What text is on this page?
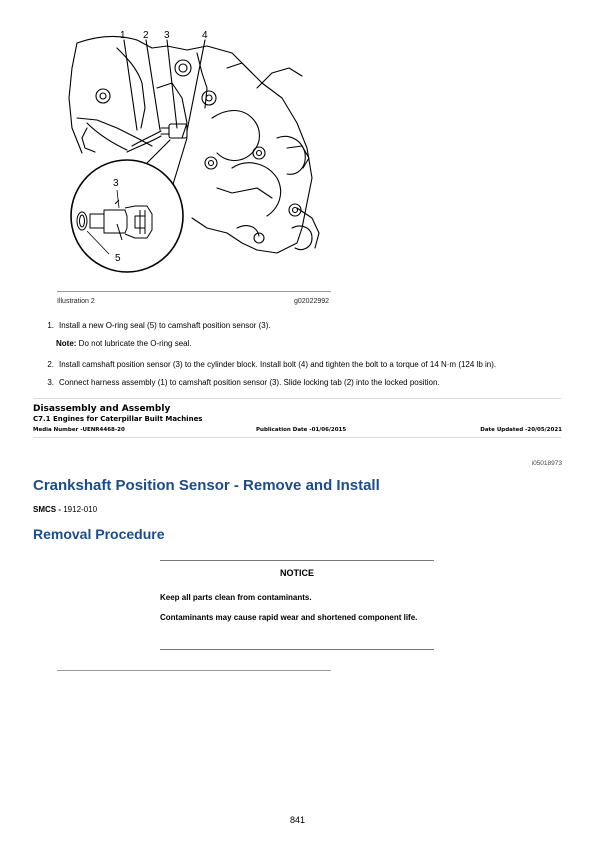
1 2 3	4
3
5
Illustration 2	g02022992
1. Install a new O-ring seal (5) to camshaft position sensor (3).
Note: Do not lubricate the O-ring seal.
2. Install camshaft position sensor (3) to the cylinder block. Install bolt (4) and tighten the bolt to a torque of 14 N·m (124 lb in).
3. Connect harness assembly (1) to camshaft position sensor (3). Slide locking tab (2) into the locked position.
Disassembly and Assembly
C7.1 Engines for Caterpillar Built Machines
Media Number -UENR4468-20	Publication Date -01/06/2015	Date Updated -20/05/2021
i05018973
Crankshaft Position Sensor - Remove and Install
SMCS - 1912-010
Removal Procedure
NOTICE
Keep all parts clean from contaminants.
Contaminants may cause rapid wear and shortened component life.
841
